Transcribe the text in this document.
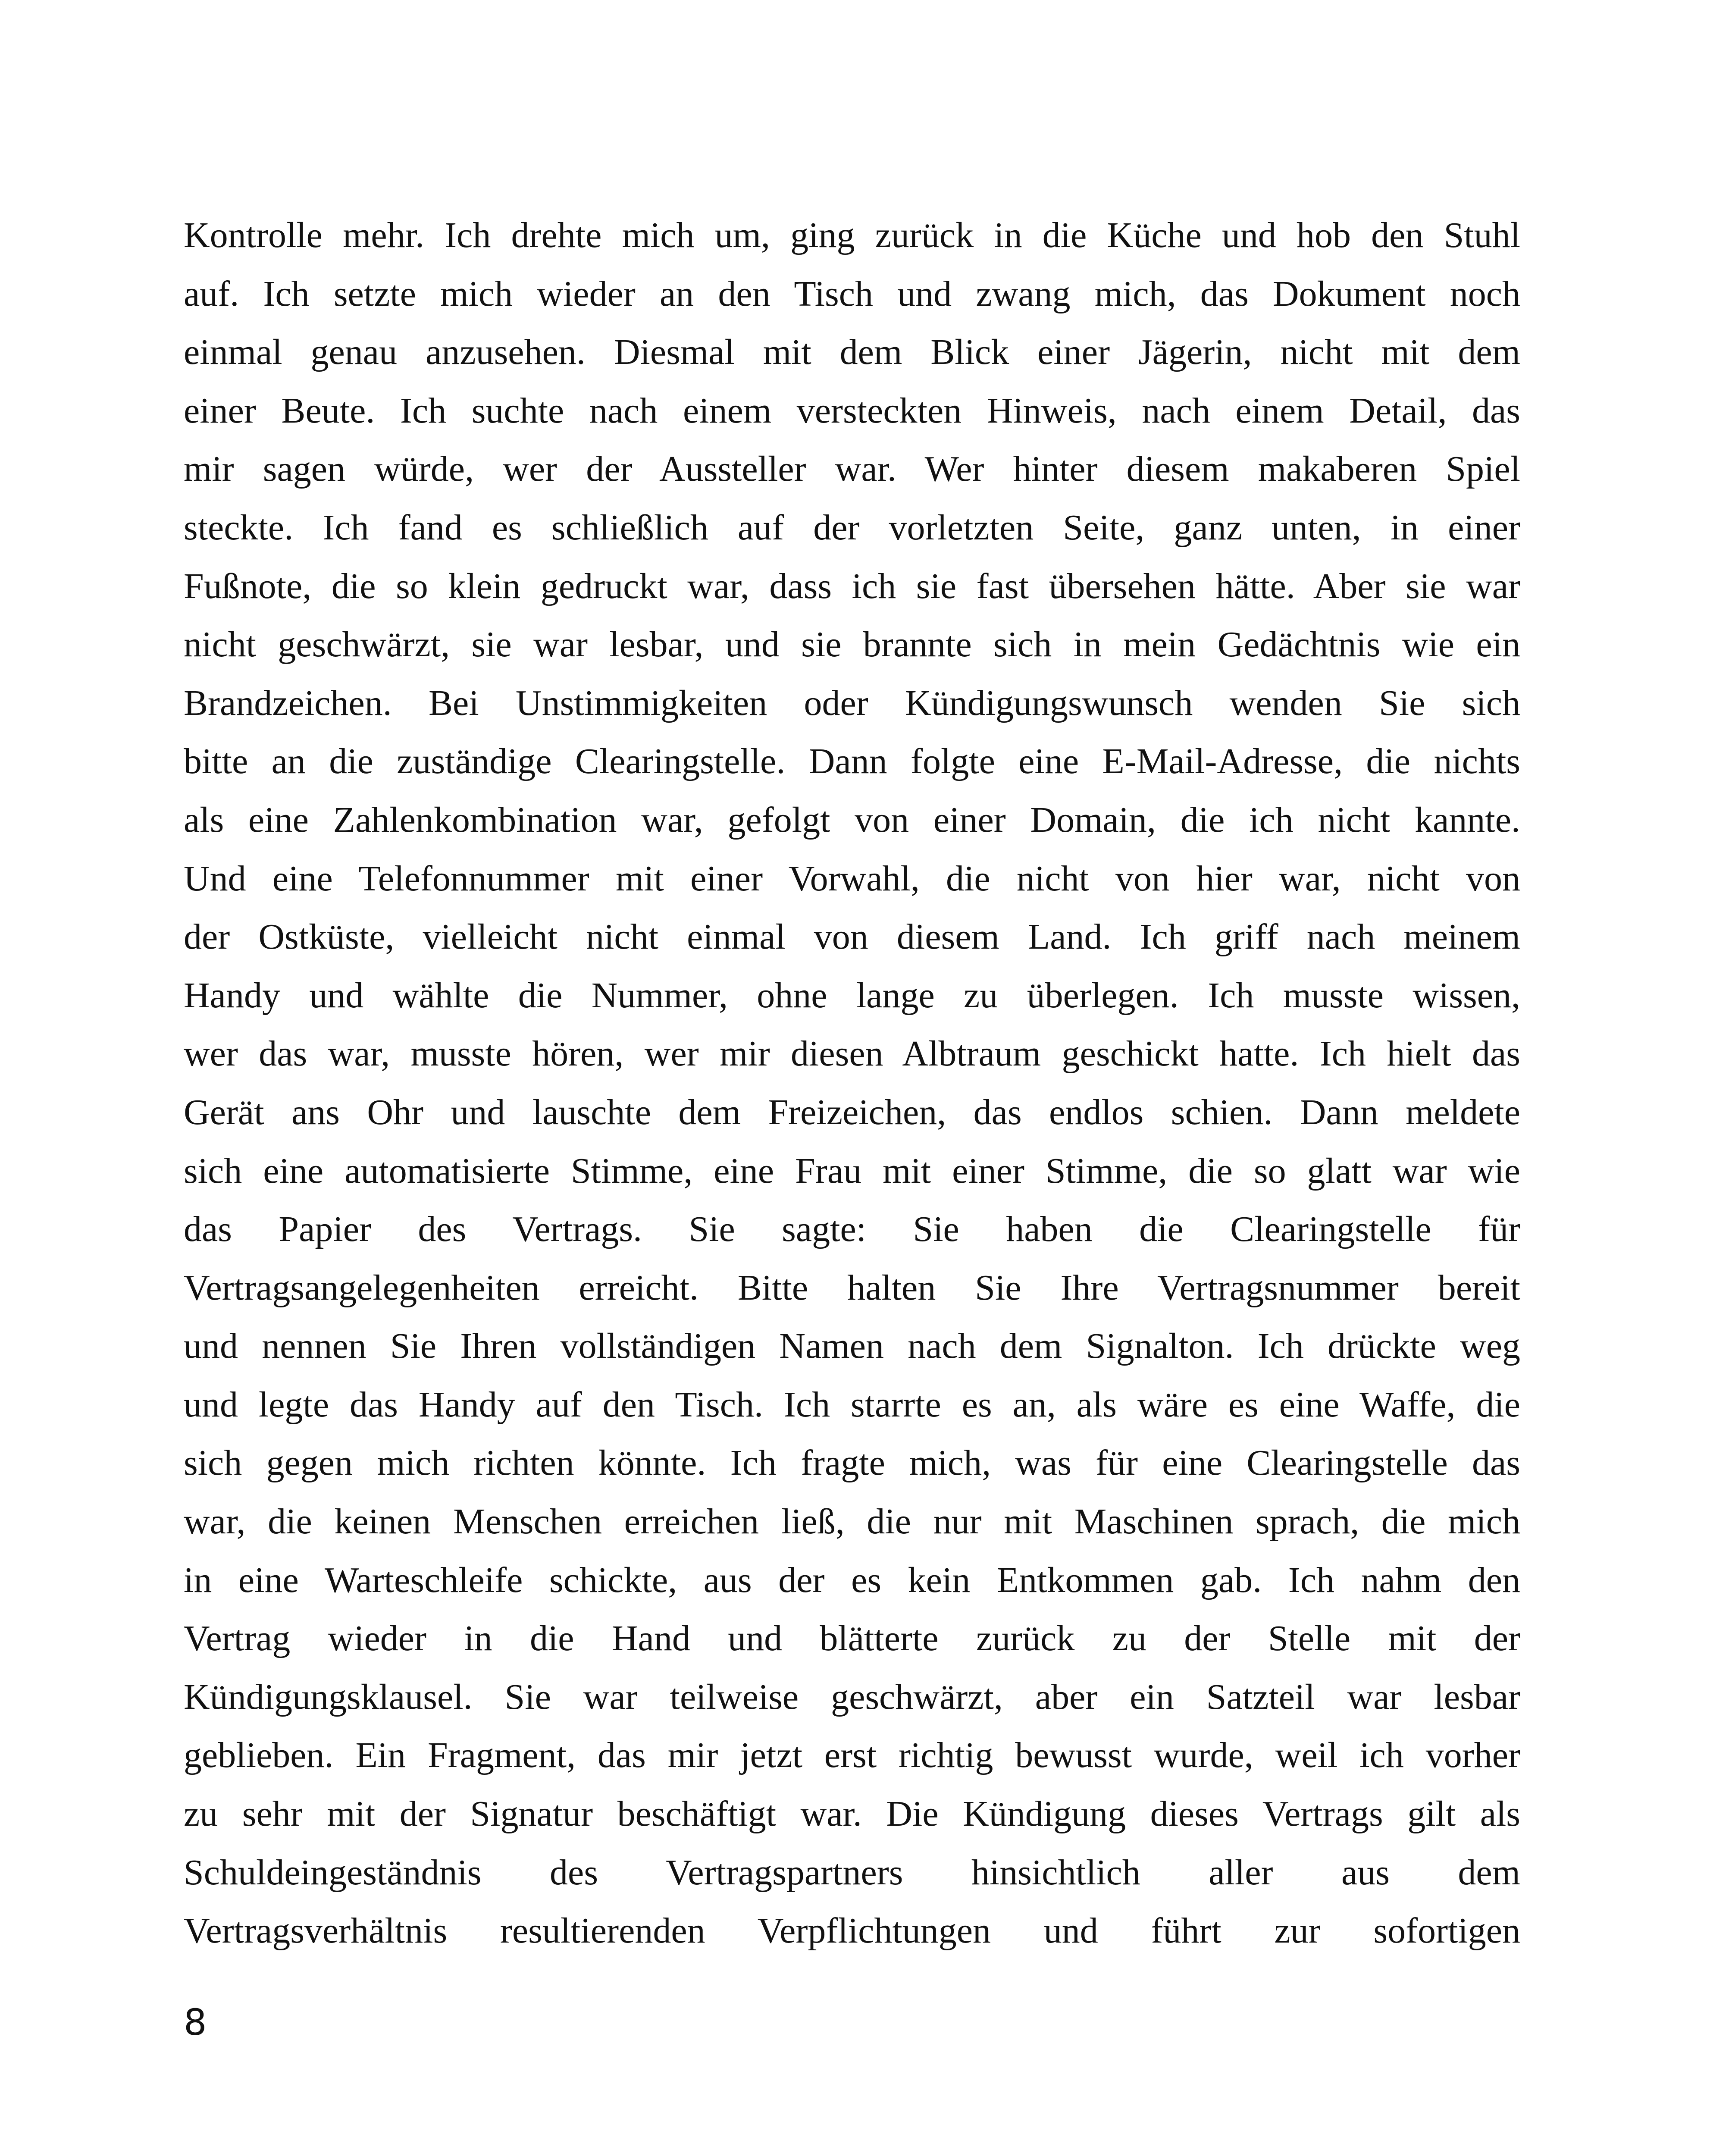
Kontrolle mehr. Ich drehte mich um, ging zurück in die Küche und hob den Stuhl
auf. Ich setzte mich wieder an den Tisch und zwang mich, das Dokument noch
einmal genau anzusehen. Diesmal mit dem Blick einer Jägerin, nicht mit dem
einer Beute. Ich suchte nach einem versteckten Hinweis, nach einem Detail, das
mir sagen würde, wer der Aussteller war. Wer hinter diesem makaberen Spiel
steckte. Ich fand es schließlich auf der vorletzten Seite, ganz unten, in einer
Fußnote, die so klein gedruckt war, dass ich sie fast übersehen hätte. Aber sie war
nicht geschwärzt, sie war lesbar, und sie brannte sich in mein Gedächtnis wie ein
Brandzeichen. Bei Unstimmigkeiten oder Kündigungswunsch wenden Sie sich
bitte an die zuständige Clearingstelle. Dann folgte eine E-Mail-Adresse, die nichts
als eine Zahlenkombination war, gefolgt von einer Domain, die ich nicht kannte.
Und eine Telefonnummer mit einer Vorwahl, die nicht von hier war, nicht von
der Ostküste, vielleicht nicht einmal von diesem Land. Ich griff nach meinem
Handy und wählte die Nummer, ohne lange zu überlegen. Ich musste wissen,
wer das war, musste hören, wer mir diesen Albtraum geschickt hatte. Ich hielt das
Gerät ans Ohr und lauschte dem Freizeichen, das endlos schien. Dann meldete
sich eine automatisierte Stimme, eine Frau mit einer Stimme, die so glatt war wie
das Papier des Vertrags. Sie sagte: Sie haben die Clearingstelle für
Vertragsangelegenheiten erreicht. Bitte halten Sie Ihre Vertragsnummer bereit
und nennen Sie Ihren vollständigen Namen nach dem Signalton. Ich drückte weg
und legte das Handy auf den Tisch. Ich starrte es an, als wäre es eine Waffe, die
sich gegen mich richten könnte. Ich fragte mich, was für eine Clearingstelle das
war, die keinen Menschen erreichen ließ, die nur mit Maschinen sprach, die mich
in eine Warteschleife schickte, aus der es kein Entkommen gab. Ich nahm den
Vertrag wieder in die Hand und blätterte zurück zu der Stelle mit der
Kündigungsklausel. Sie war teilweise geschwärzt, aber ein Satzteil war lesbar
geblieben. Ein Fragment, das mir jetzt erst richtig bewusst wurde, weil ich vorher
zu sehr mit der Signatur beschäftigt war. Die Kündigung dieses Vertrags gilt als
Schuldeingeständnis des Vertragspartners hinsichtlich aller aus dem
Vertragsverhältnis resultierenden Verpflichtungen und führt zur sofortigen
8
